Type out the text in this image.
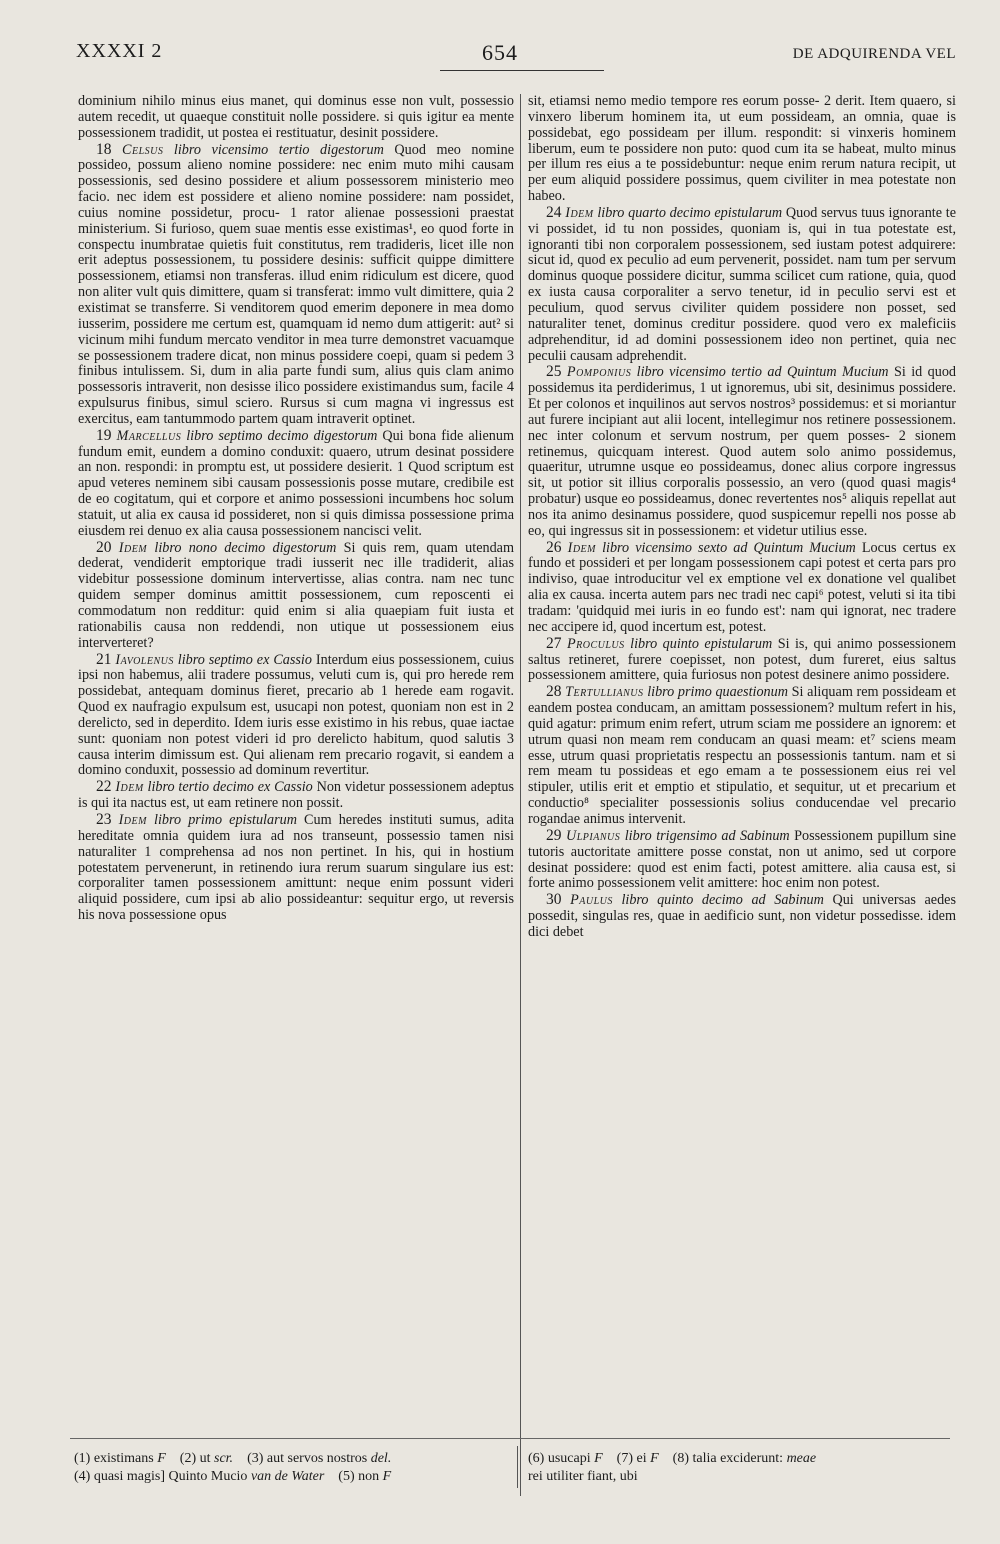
XXXXI 2	654	DE ADQUIRENDA VEL

dominium nihilo minus eius manet, qui dominus esse non vult, possessio autem recedit, ut quaeque constituit nolle possidere. si quis igitur ea mente possessionem tradidit, ut postea ei restituatur, desinit possidere.

18 Celsus libro vicensimo tertio digestorum Quod meo nomine possideo, possum alieno nomine possidere: nec enim muto mihi causam possessionis, sed desino possidere et alium possessorem ministerio meo facio. nec idem est possidere et alieno nomine possidere: nam possidet, cuius nomine possidetur, procu- 1 rator alienae possessioni praestat ministerium. Si furioso, quem suae mentis esse existimas¹, eo quod forte in conspectu inumbratae quietis fuit constitutus, rem tradideris, licet ille non erit adeptus possessionem, tu possidere desinis: sufficit quippe dimittere possessionem, etiamsi non transferas. illud enim ridiculum est dicere, quod non aliter vult quis dimittere, quam si transferat: immo vult dimittere, quia 2 existimat se transferre. Si venditorem quod emerim deponere in mea domo iusserim, possidere me certum est, quamquam id nemo dum attigerit: aut² si vicinum mihi fundum mercato venditor in mea turre demonstret vacuamque se possessionem tradere dicat, non minus possidere coepi, quam si pedem 3 finibus intulissem. Si, dum in alia parte fundi sum, alius quis clam animo possessoris intraverit, non desisse ilico possidere existimandus sum, facile 4 expulsurus finibus, simul sciero. Rursus si cum magna vi ingressus est exercitus, eam tantummodo partem quam intraverit optinet.

19 Marcellus libro septimo decimo digestorum Qui bona fide alienum fundum emit, eundem a domino conduxit: quaero, utrum desinat possidere an non. respondi: in promptu est, ut possidere desierit. 1 Quod scriptum est apud veteres neminem sibi causam possessionis posse mutare, credibile est de eo cogitatum, qui et corpore et animo possessioni incumbens hoc solum statuit, ut alia ex causa id possideret, non si quis dimissa possessione prima eiusdem rei denuo ex alia causa possessionem nancisci velit.

20 Idem libro nono decimo digestorum Si quis rem, quam utendam dederat, vendiderit emptorique tradi iusserit nec ille tradiderit, alias videbitur possessione dominum intervertisse, alias contra. nam nec tunc quidem semper dominus amittit possessionem, cum reposcenti ei commodatum non redditur: quid enim si alia quaepiam fuit iusta et rationabilis causa non reddendi, non utique ut possessionem eius interverteret?

21 Iavolenus libro septimo ex Cassio Interdum eius possessionem, cuius ipsi non habemus, alii tradere possumus, veluti cum is, qui pro herede rem possidebat, antequam dominus fieret, precario ab 1 herede eam rogavit. Quod ex naufragio expulsum est, usucapi non potest, quoniam non est in 2 derelicto, sed in deperdito. Idem iuris esse existimo in his rebus, quae iactae sunt: quoniam non potest videri id pro derelicto habitum, quod salutis 3 causa interim dimissum est. Qui alienam rem precario rogavit, si eandem a domino conduxit, possessio ad dominum revertitur.

22 Idem libro tertio decimo ex Cassio Non videtur possessionem adeptus is qui ita nactus est, ut eam retinere non possit.

23 Idem libro primo epistularum Cum heredes instituti sumus, adita hereditate omnia quidem iura ad nos transeunt, possessio tamen nisi naturaliter 1 comprehensa ad nos non pertinet. In his, qui in hostium potestatem pervenerunt, in retinendo iura rerum suarum singulare ius est: corporaliter tamen possessionem amittunt: neque enim possunt videri aliquid possidere, cum ipsi ab alio possideantur: sequitur ergo, ut reversis his nova possessione opus

sit, etiamsi nemo medio tempore res eorum posse- 2 derit. Item quaero, si vinxero liberum hominem ita, ut eum possideam, an omnia, quae is possidebat, ego possideam per illum. respondit: si vinxeris hominem liberum, eum te possidere non puto: quod cum ita se habeat, multo minus per illum res eius a te possidebuntur: neque enim rerum natura recipit, ut per eum aliquid possidere possimus, quem civiliter in mea potestate non habeo.

24 Idem libro quarto decimo epistularum Quod servus tuus ignorante te vi possidet, id tu non possides, quoniam is, qui in tua potestate est, ignoranti tibi non corporalem possessionem, sed iustam potest adquirere: sicut id, quod ex peculio ad eum pervenerit, possidet. nam tum per servum dominus quoque possidere dicitur, summa scilicet cum ratione, quia, quod ex iusta causa corporaliter a servo tenetur, id in peculio servi est et peculium, quod servus civiliter quidem possidere non posset, sed naturaliter tenet, dominus creditur possidere. quod vero ex maleficiis adprehenditur, id ad domini possessionem ideo non pertinet, quia nec peculii causam adprehendit.

25 Pomponius libro vicensimo tertio ad Quintum Mucium Si id quod possidemus ita perdiderimus, 1 ut ignoremus, ubi sit, desinimus possidere. Et per colonos et inquilinos aut servos nostros³ possidemus: et si moriantur aut furere incipiant aut alii locent, intellegimur nos retinere possessionem. nec inter colonum et servum nostrum, per quem posses- 2 sionem retinemus, quicquam interest. Quod autem solo animo possidemus, quaeritur, utrumne usque eo possideamus, donec alius corpore ingressus sit, ut potior sit illius corporalis possessio, an vero (quod quasi magis⁴ probatur) usque eo possideamus, donec revertentes nos⁵ aliquis repellat aut nos ita animo desinamus possidere, quod suspicemur repelli nos posse ab eo, qui ingressus sit in possessionem: et videtur utilius esse.

26 Idem libro vicensimo sexto ad Quintum Mucium Locus certus ex fundo et possideri et per longam possessionem capi potest et certa pars pro indiviso, quae introducitur vel ex emptione vel ex donatione vel qualibet alia ex causa. incerta autem pars nec tradi nec capi⁶ potest, veluti si ita tibi tradam: 'quidquid mei iuris in eo fundo est': nam qui ignorat, nec tradere nec accipere id, quod incertum est, potest.

27 Proculus libro quinto epistularum Si is, qui animo possessionem saltus retineret, furere coepisset, non potest, dum fureret, eius saltus possessionem amittere, quia furiosus non potest desinere animo possidere.

28 Tertullianus libro primo quaestionum Si aliquam rem possideam et eandem postea conducam, an amittam possessionem? multum refert in his, quid agatur: primum enim refert, utrum sciam me possidere an ignorem: et utrum quasi non meam rem conducam an quasi meam: et⁷ sciens meam esse, utrum quasi proprietatis respectu an possessionis tantum. nam et si rem meam tu possideas et ego emam a te possessionem eius rei vel stipuler, utilis erit et emptio et stipulatio, et sequitur, ut et precarium et conductio⁸ specialiter possessionis solius conducendae vel precario rogandae animus intervenit.

29 Ulpianus libro trigensimo ad Sabinum Possessionem pupillum sine tutoris auctoritate amittere posse constat, non ut animo, sed ut corpore desinat possidere: quod est enim facti, potest amittere. alia causa est, si forte animo possessionem velit amittere: hoc enim non potest.

30 Paulus libro quinto decimo ad Sabinum Qui universas aedes possedit, singulas res, quae in aedificio sunt, non videtur possedisse. idem dici debet

(1) existimans F (2) ut scr. (3) aut servos nostros del.
(4) quasi magis] Quinto Mucio van de Water (5) non F
(6) usucapi F (7) ei F (8) talia exciderunt: meae
rei utiliter fiant, ubi
